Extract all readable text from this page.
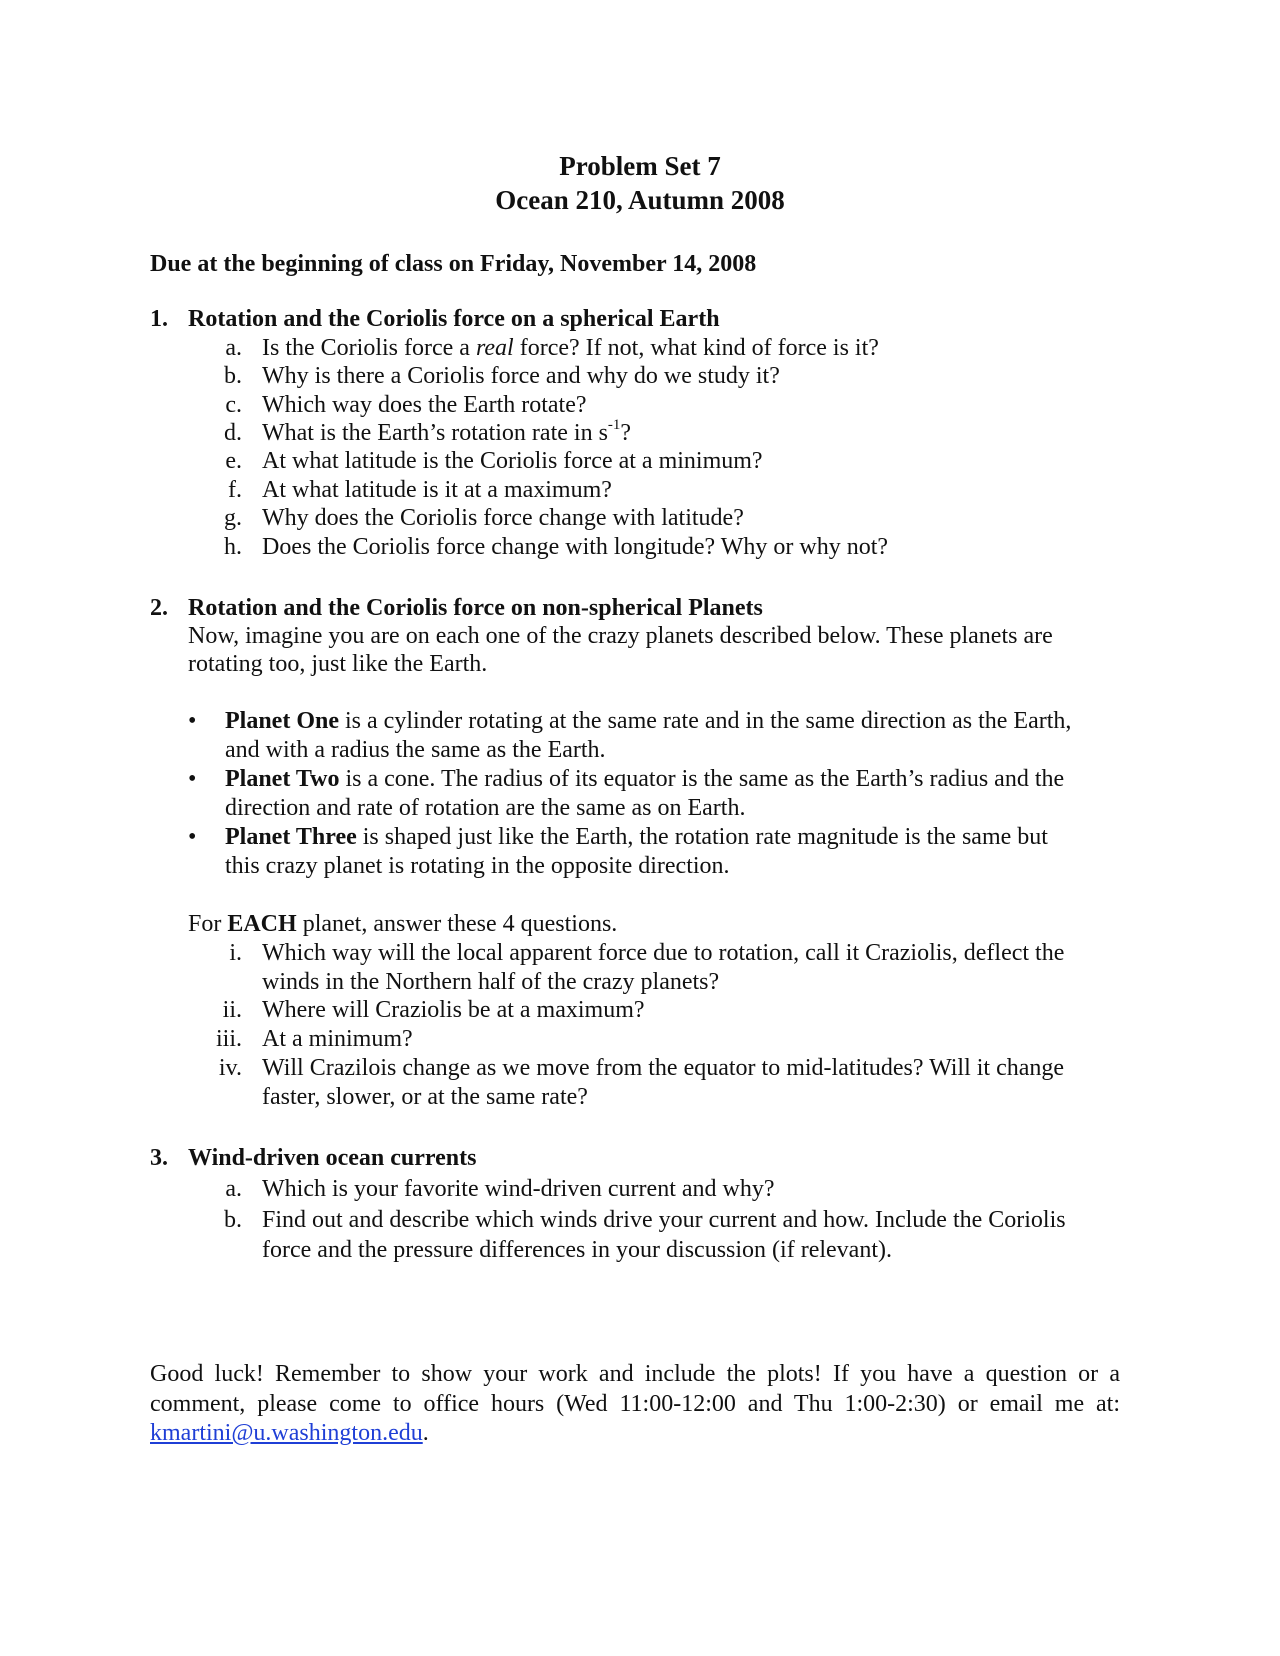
Problem Set 7
Ocean 210, Autumn 2008
Due at the beginning of class on Friday, November 14, 2008
1. Rotation and the Coriolis force on a spherical Earth
a. Is the Coriolis force a real force? If not, what kind of force is it?
b. Why is there a Coriolis force and why do we study it?
c. Which way does the Earth rotate?
d. What is the Earth’s rotation rate in $s^{-1}$?
e. At what latitude is the Coriolis force at a minimum?
f. At what latitude is it at a maximum?
g. Why does the Coriolis force change with latitude?
h. Does the Coriolis force change with longitude? Why or why not?
2. Rotation and the Coriolis force on non-spherical Planets
Now, imagine you are on each one of the crazy planets described below. These planets are
rotating too, just like the Earth.
• Planet One is a cylinder rotating at the same rate and in the same direction as the Earth,
and with a radius the same as the Earth.
• Planet Two is a cone. The radius of its equator is the same as the Earth’s radius and the
direction and rate of rotation are the same as on Earth.
• Planet Three is shaped just like the Earth, the rotation rate magnitude is the same but
this crazy planet is rotating in the opposite direction.
For EACH planet, answer these 4 questions.
i. Which way will the local apparent force due to rotation, call it Craziolis, deflect the
winds in the Northern half of the crazy planets?
ii. Where will Craziolis be at a maximum?
iii. At a minimum?
iv. Will Crazilois change as we move from the equator to mid-latitudes? Will it change
faster, slower, or at the same rate?
3. Wind-driven ocean currents
a. Which is your favorite wind-driven current and why?
b. Find out and describe which winds drive your current and how. Include the Coriolis
force and the pressure differences in your discussion (if relevant).
Good luck! Remember to show your work and include the plots! If you have a question or a
comment, please come to office hours (Wed 11:00-12:00 and Thu 1:00-2:30) or email me at:
kmartini@u.washington.edu.
